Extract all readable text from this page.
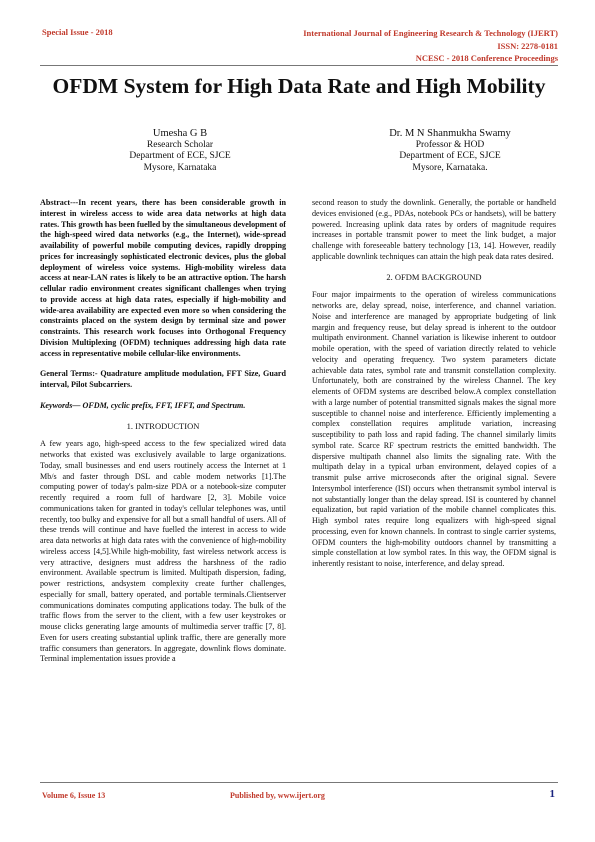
Special Issue - 2018	International Journal of Engineering Research & Technology (IJERT)
ISSN: 2278-0181
NCESC - 2018 Conference Proceedings
OFDM System for High Data Rate and High Mobility
Umesha G B
Research Scholar
Department of ECE, SJCE
Mysore, Karnataka
Dr. M N Shanmukha Swamy
Professor & HOD
Department of ECE, SJCE
Mysore, Karnataka.

Abstract---In recent years, there has been considerable growth in interest in wireless access to wide area data networks at high data rates. This growth has been fuelled by the simultaneous development of the high-speed wired data networks (e.g., the Internet), wide-spread availability of powerful mobile computing devices, rapidly dropping prices for increasingly sophisticated electronic devices, plus the global deployment of wireless voice systems. High-mobility wireless data access at near-LAN rates is likely to be an attractive option. The harsh cellular radio environment creates significant challenges when trying to provide access at high data rates, especially if high-mobility and wide-area availability are expected even more so when considering the constraints placed on the system design by terminal size and power constraints. This research work focuses into Orthogonal Frequency Division Multiplexing (OFDM) techniques addressing high data rate access in representative mobile cellular-like environments.

General Terms:- Quadrature amplitude modulation, FFT Size, Guard interval, Pilot Subcarriers.

Keywords— OFDM, cyclic prefix, FFT, IFFT, and Spectrum.

1. INTRODUCTION

A few years ago, high-speed access to the few specialized wired data networks that existed was exclusively available to large organizations. Today, small businesses and end users routinely access the Internet at 1 Mb/s and faster through DSL and cable modem networks [1].The computing power of today's palm-size PDA or a notebook-size computer recently required a room full of hardware [2, 3]. Mobile voice communications taken for granted in today's cellular telephones was, until recently, too bulky and expensive for all but a small handful of users. All of these trends will continue and have fuelled the interest in access to wide area data networks at high data rates with the convenience of high-mobility wireless access [4,5].While high-mobility, fast wireless network access is very attractive, designers must address the harshness of the radio environment. Available spectrum is limited. Multipath dispersion, fading, power restrictions, andsystem complexity create further challenges, especially for small, battery operated, and portable terminals.Clientserver communications dominates computing applications today. The bulk of the traffic flows from the server to the client, with a few user keystrokes or mouse clicks generating large amounts of multimedia server traffic [7, 8]. Even for users creating substantial uplink traffic, there are generally more traffic consumers than generators. In aggregate, downlink flows dominate. Terminal implementation issues provide a

second reason to study the downlink. Generally, the portable or handheld devices envisioned (e.g., PDAs, notebook PCs or handsets), will be battery powered. Increasing uplink data rates by orders of magnitude requires increases in portable transmit power to meet the link budget, a major challenge with foreseeable battery technology [13, 14]. However, readily applicable downlink techniques can attain the high peak data rates desired.

2. OFDM BACKGROUND

Four major impairments to the operation of wireless communications networks are, delay spread, noise, interference, and channel variation. Noise and interference are managed by appropriate budgeting of link margin and frequency reuse, but delay spread is inherent to the outdoor multipath environment. Channel variation is likewise inherent to outdoor mobile operation, with the speed of variation directly related to vehicle velocity and operating frequency. Two system parameters dictate achievable data rates, symbol rate and transmit constellation complexity. Unfortunately, both are constrained by the wireless Channel. The key elements of OFDM systems are described below.A complex constellation with a large number of potential transmitted signals makes the signal more susceptible to channel noise and interference. Efficiently implementing a complex constellation requires amplitude variation, increasing susceptibility to path loss and rapid fading. The channel similarly limits symbol rate. Scarce RF spectrum restricts the emitted bandwidth. The dispersive multipath channel also limits the signaling rate. With the multipath delay in a typical urban environment, delayed copies of a transmit pulse arrive microseconds after the original signal. Severe Intersymbol interference (ISI) occurs when thetransmit symbol interval is not substantially longer than the delay spread. ISI is countered by channel equalization, but rapid variation of the mobile channel complicates this. High symbol rates require long equalizers with high-speed signal processing, even for known channels. In contrast to single carrier systems, OFDM counters the high-mobility outdoors channel by transmitting a simple constellation at low symbol rates. In this way, the OFDM signal is inherently resistant to noise, interference, and delay spread.

Volume 6, Issue 13	Published by, www.ijert.org	1
